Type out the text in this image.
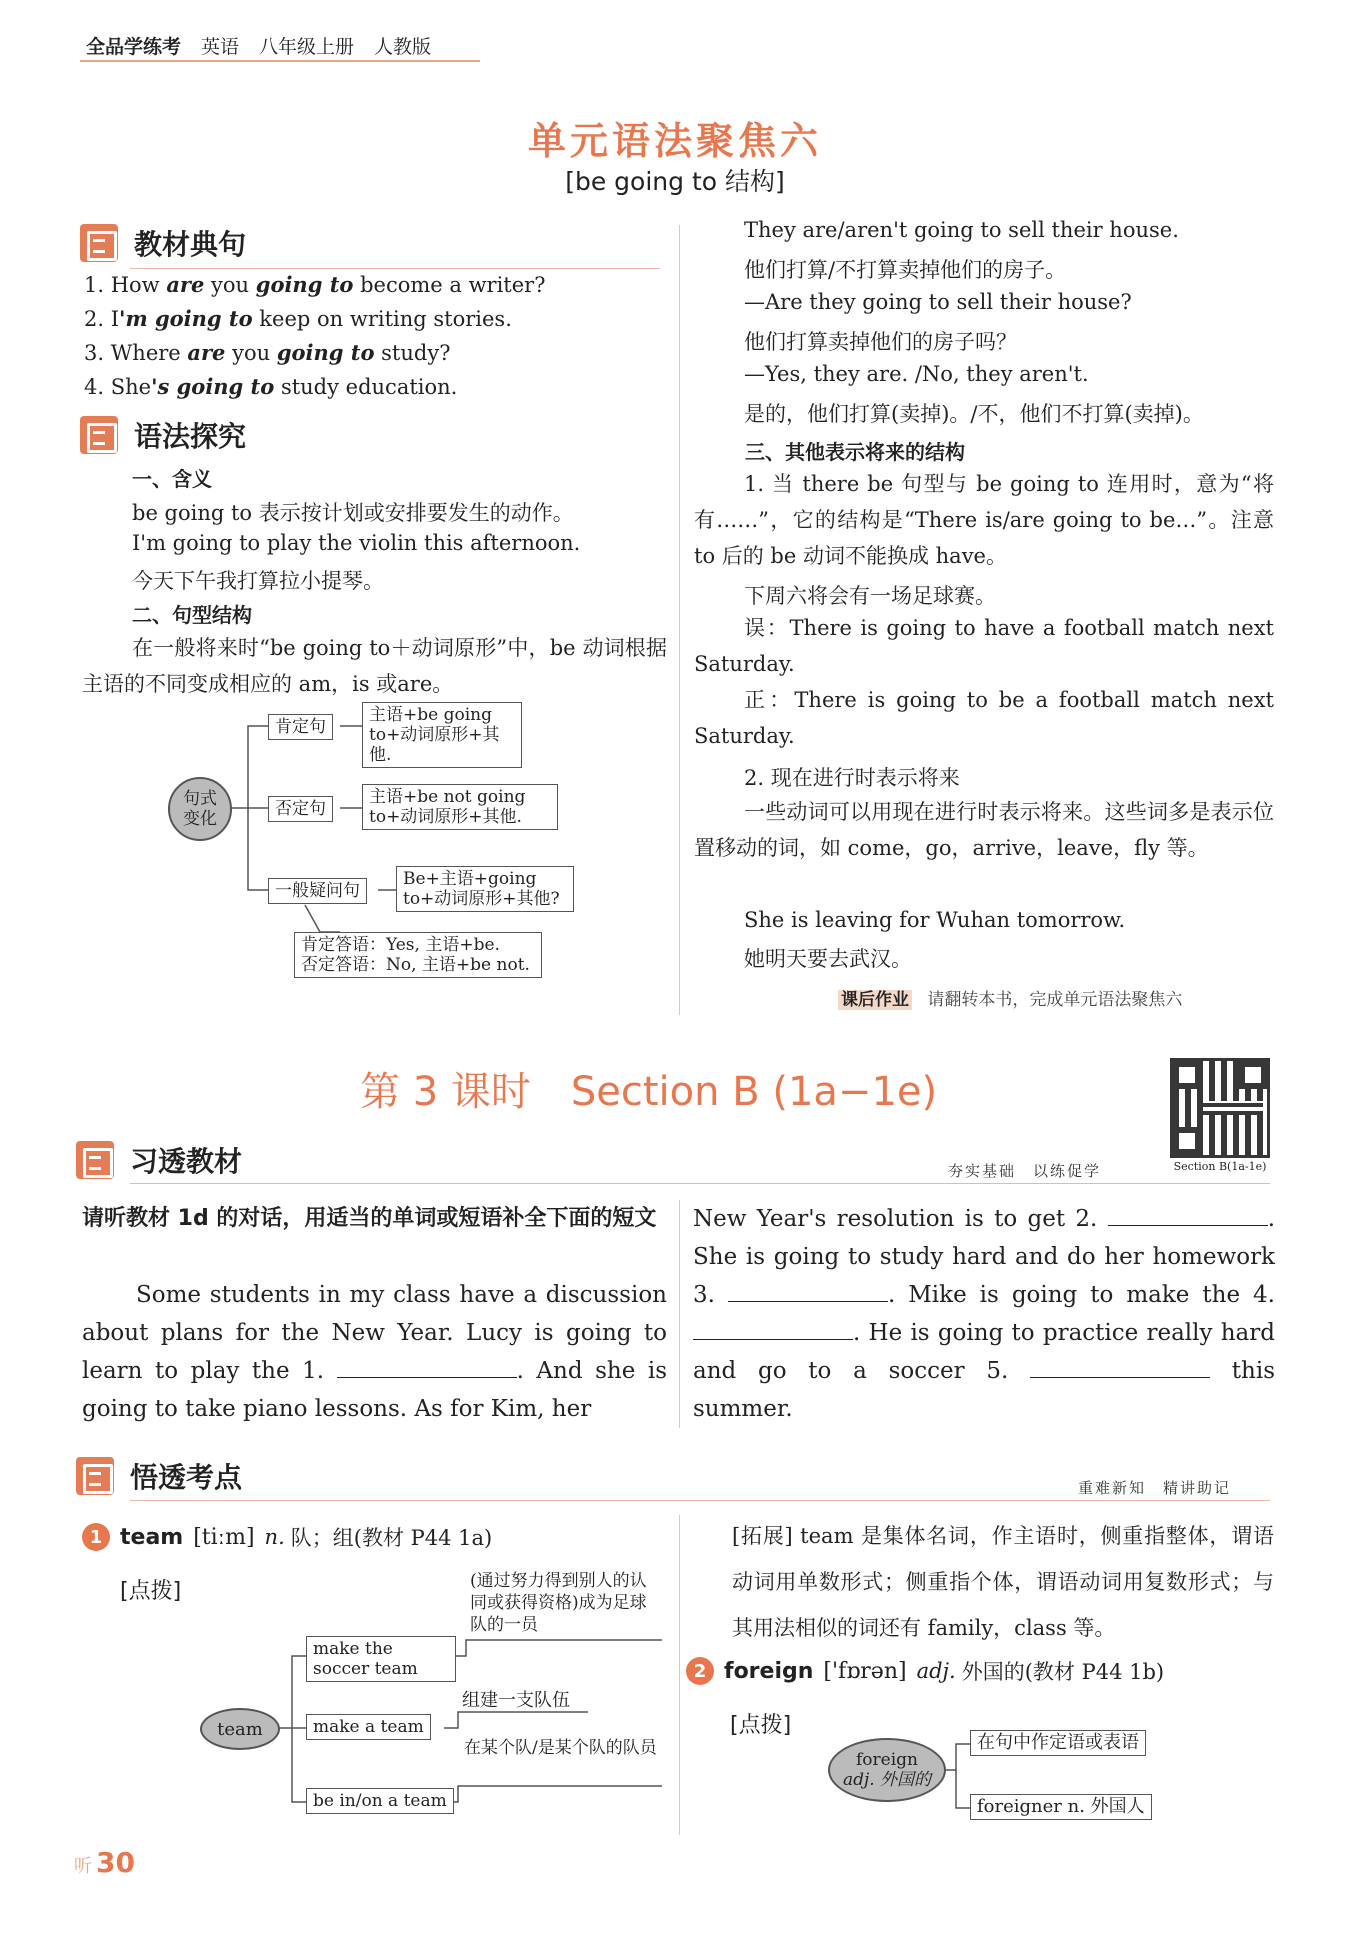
全品学练考 英语 八年级上册 人教版
单元语法聚焦六
[be going to 结构]
教材典句
1. How are you going to become a writer?
2. I'm going to keep on writing stories.
3. Where are you going to study?
4. She's going to study education.
语法探究
一、含义
be going to 表示按计划或安排要发生的动作。
I'm going to play the violin this afternoon.
今天下午我打算拉小提琴。
二、句型结构
在一般将来时“be going to＋动词原形”中，be 动词根据主语的不同变成相应的 am，is 或are。
句式变化
肯定句
主语+be going to+动词原形+其他.
否定句
主语+be not going to+动词原形+其他.
一般疑问句
Be+主语+going to+动词原形+其他?
肯定答语：Yes, 主语+be.
否定答语：No, 主语+be not.
They are/aren't going to sell their house.
他们打算/不打算卖掉他们的房子。
—Are they going to sell their house?
他们打算卖掉他们的房子吗？
—Yes, they are. /No, they aren't.
是的，他们打算(卖掉)。/不，他们不打算(卖掉)。
三、其他表示将来的结构
1. 当 there be 句型与 be going to 连用时，意为“将有……”，它的结构是“There is/are going to be…”。注意 to 后的 be 动词不能换成 have。
下周六将会有一场足球赛。
误：There is going to have a football match next Saturday.
正：There is going to be a football match next Saturday.
2. 现在进行时表示将来
一些动词可以用现在进行时表示将来。这些词多是表示位置移动的词，如 come，go，arrive，leave，fly 等。
She is leaving for Wuhan tomorrow.
她明天要去武汉。
课后作业 请翻转本书，完成单元语法聚焦六
第 3 课时　Section B (1a−1e)
Section B(1a-1e)
习透教材	夯实基础　以练促学
请听教材 1d 的对话，用适当的单词或短语补全下面的短文
Some students in my class have a discussion about plans for the New Year. Lucy is going to learn to play the 1.	. And she is going to take piano lessons. As for Kim, her
New Year's resolution is to get 2.	. She is going to study hard and do her homework 3.	. Mike is going to make the 4. . He is going to practice really hard and go to a soccer 5.	this summer.
悟透考点	重难新知　精讲助记
1 team [tiːm] n. 队；组(教材 P44 1a)
[点拨]
team
make the soccer team
make a team
be in/on a team
(通过努力得到别人的认同或获得资格)成为足球队的一员
组建一支队伍
在某个队/是某个队的队员
[拓展] team 是集体名词，作主语时，侧重指整体，谓语动词用单数形式；侧重指个体，谓语动词用复数形式；与其用法相似的词还有 family，class 等。
2 foreign ['fɒrən] adj. 外国的(教材 P44 1b)
[点拨]
foreign
adj. 外国的
在句中作定语或表语
foreigner n. 外国人
听 30
